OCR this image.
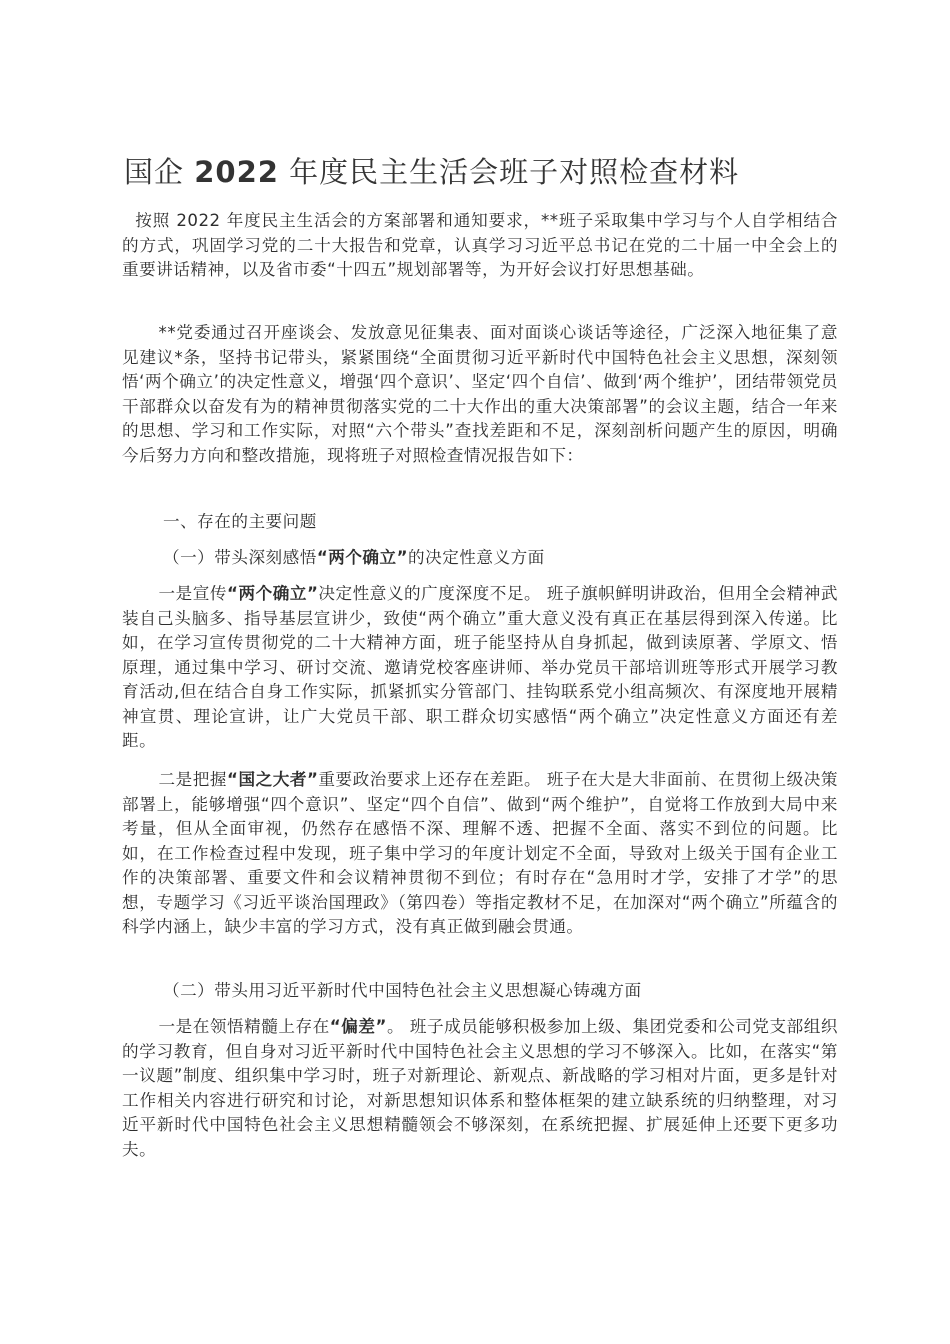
国企 2022 年度民主生活会班子对照检查材料

按照 2022 年度民主生活会的方案部署和通知要求，**班子采取集中学习与个人自学相结合的方式，巩固学习党的二十大报告和党章，认真学习习近平总书记在党的二十届一中全会上的重要讲话精神，以及省市委“十四五”规划部署等，为开好会议打好思想基础。

**党委通过召开座谈会、发放意见征集表、面对面谈心谈话等途径，广泛深入地征集了意见建议*条，坚持书记带头，紧紧围绕“全面贯彻习近平新时代中国特色社会主义思想，深刻领悟‘两个确立’的决定性意义，增强‘四个意识’、坚定‘四个自信’、做到‘两个维护’，团结带领党员干部群众以奋发有为的精神贯彻落实党的二十大作出的重大决策部署”的会议主题，结合一年来的思想、学习和工作实际，对照“六个带头”查找差距和不足，深刻剖析问题产生的原因，明确今后努力方向和整改措施，现将班子对照检查情况报告如下：

一、存在的主要问题

（一）带头深刻感悟“两个确立”的决定性意义方面

一是宣传“两个确立”决定性意义的广度深度不足。 班子旗帜鲜明讲政治，但用全会精神武装自己头脑多、指导基层宣讲少，致使“两个确立”重大意义没有真正在基层得到深入传递。比如，在学习宣传贯彻党的二十大精神方面，班子能坚持从自身抓起，做到读原著、学原文、悟原理，通过集中学习、研讨交流、邀请党校客座讲师、举办党员干部培训班等形式开展学习教育活动,但在结合自身工作实际，抓紧抓实分管部门、挂钩联系党小组高频次、有深度地开展精神宣贯、理论宣讲，让广大党员干部、职工群众切实感悟“两个确立”决定性意义方面还有差距。

二是把握“国之大者”重要政治要求上还存在差距。 班子在大是大非面前、在贯彻上级决策部署上，能够增强“四个意识”、坚定“四个自信”、做到“两个维护”，自觉将工作放到大局中来考量，但从全面审视，仍然存在感悟不深、理解不透、把握不全面、落实不到位的问题。比如，在工作检查过程中发现，班子集中学习的年度计划定不全面，导致对上级关于国有企业工作的决策部署、重要文件和会议精神贯彻不到位；有时存在“急用时才学，安排了才学”的思想，专题学习《习近平谈治国理政》（第四卷）等指定教材不足，在加深对“两个确立”所蕴含的科学内涵上，缺少丰富的学习方式，没有真正做到融会贯通。

（二）带头用习近平新时代中国特色社会主义思想凝心铸魂方面

一是在领悟精髓上存在“偏差”。 班子成员能够积极参加上级、集团党委和公司党支部组织的学习教育，但自身对习近平新时代中国特色社会主义思想的学习不够深入。比如，在落实“第一议题”制度、组织集中学习时，班子对新理论、新观点、新战略的学习相对片面，更多是针对工作相关内容进行研究和讨论，对新思想知识体系和整体框架的建立缺系统的归纳整理，对习近平新时代中国特色社会主义思想精髓领会不够深刻，在系统把握、扩展延伸上还要下更多功夫。
